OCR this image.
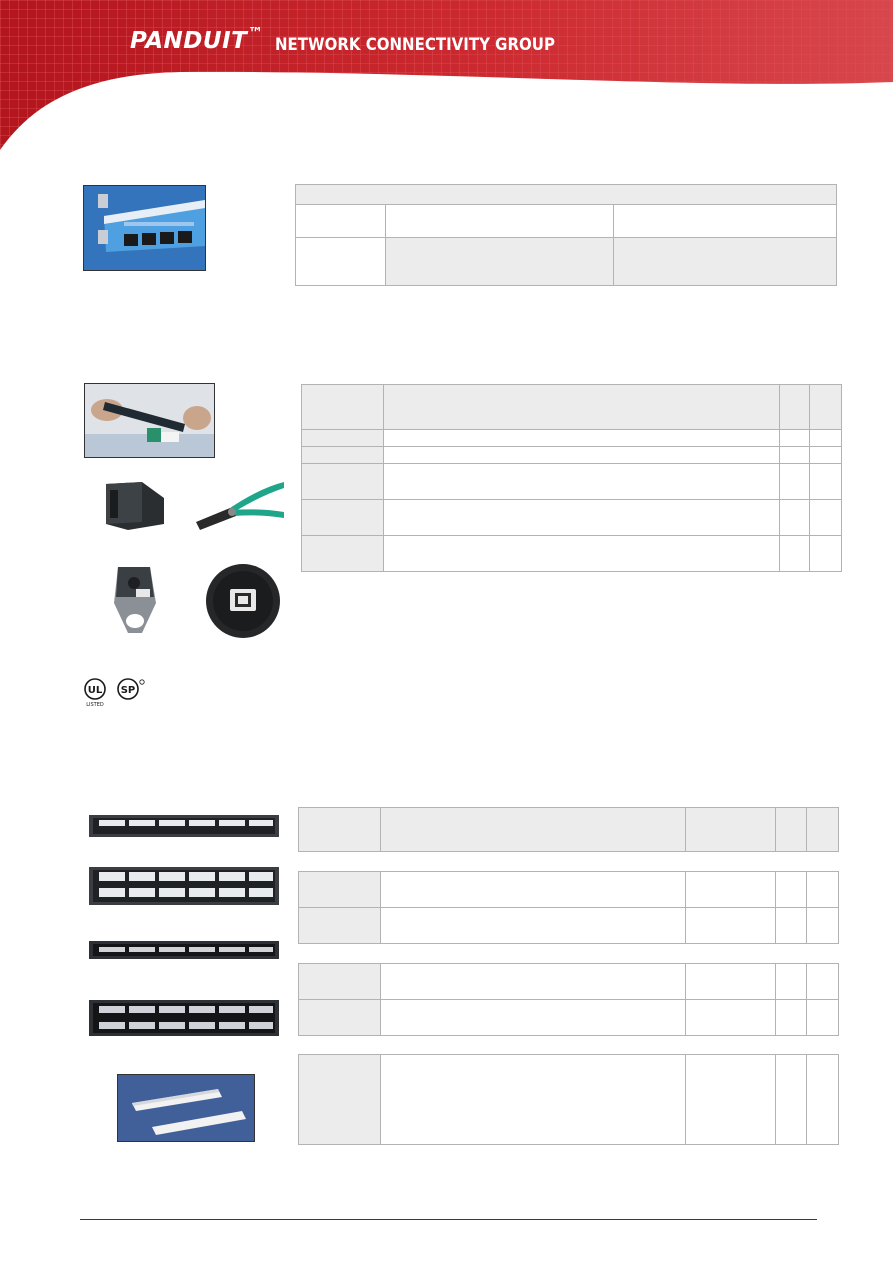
PANDUIT ™
NETWORK CONNECTIVITY GROUP

UL
LISTED
SP
